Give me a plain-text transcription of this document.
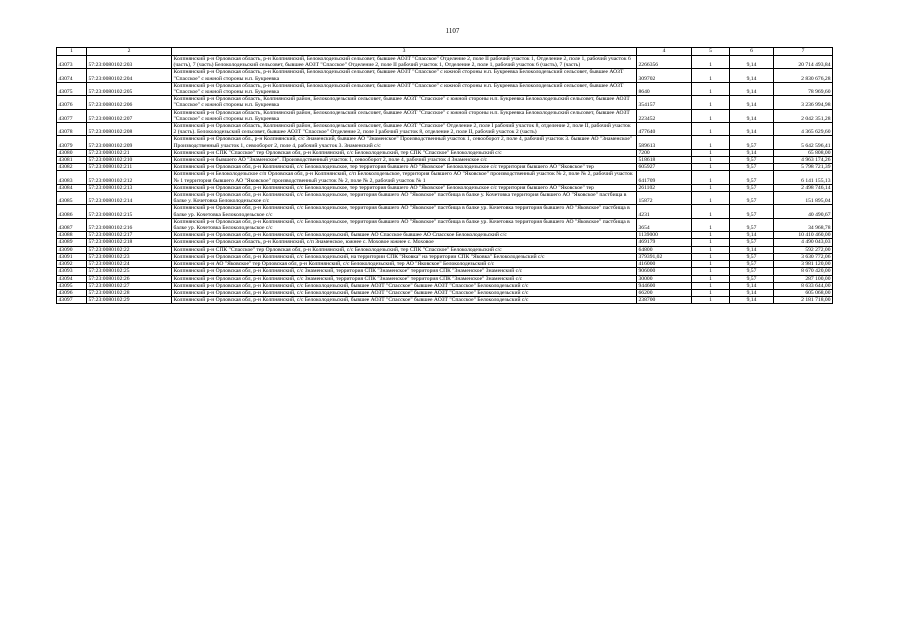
1107
1	2	3	4	5	6	7
43073	57:23:0080102:203	Колпнянский р-н Орловская область, р-н Колпнянский, Белоколодезьский сельсовет, бывшее АОЗТ "Спасское" Отделение 2, поле II рабочий участок 1, Отделение 2, поле 1, рабочий участок 6 (часть), 7 (часть) Белоколодезьский сельсовет, бывшее АОЗТ "Спасское" Отделение 2, поле II рабочий участок 1, Отделение 2, поле 1, рабочий участок 6 (часть), 7 (часть)	2266356	1	9,14	20 714 493,84
43074	57:23:0080102:204	Колпнянский р-н Орловская область, р-н Колпнянский, Белоколодезьский сельсовет, бывшее АОЗТ "Спасское" с южной стороны н.п. Букреевка Белоколодезьский сельсовет, бывшее АОЗТ "Спасское" с южной стороны н.п. Букреевка	309702	1	9,14	2 830 676,28
43075	57:23:0080102:205	Колпнянский р-н Орловская область, р-н Колпнянский, Белоколодезьский сельсовет, бывшее АОЗТ "Спасское" с южной стороны н.п. Букреевка Белоколодезьский сельсовет, бывшее АОЗТ "Спасское" с южной стороны н.п. Букреевка	8640	1	9,14	78 969,60
43076	57:23:0080102:206	Колпнянский р-н Орловская область, Колпнянский район, Белоколодезьский сельсовет, бывшее АОЗТ "Спасское" с южной стороны н.п. Букреевка Белоколодезьский сельсовет, бывшее АОЗТ "Спасское" с южной стороны н.п. Букреевка	354157	1	9,14	3 236 994,98
43077	57:23:0080102:207	Колпнянский р-н Орловская область, Колпнянский район, Белоколодезьский сельсовет, бывшее АОЗТ "Спасское" с южной стороны н.п. Букреевка Белоколодезьский сельсовет, бывшее АОЗТ "Спасское" с южной стороны н.п. Букреевка	223452	1	9,14	2 042 351,28
43078	57:23:0080102:208	Колпнянский р-н Орловская область, Колпнянский район, Белоколодезьский сельсовет, бывшее АОЗТ "Спасское" Отделение 2, поле I рабочий участок 8, отделение 2, поле II, рабочий участок 2 (часть). Белоколодезьский сельсовет, бывшее АОЗТ "Спасское" Отделение 2, поле I рабочий участок 8, отделение 2, поле II, рабочий участок 2 (часть)	477640	1	9,14	4 365 629,60
43079	57:23:0080102:209	Колпнянский р-н Орловская обл., р-н Колпнянский, с/с Знаменский, бывшее АО "Знаменское" Производственный участок 1, севооборот 2, поле 4, рабочий участок 3. бывшее АО "Знаменское" Производственный участок 1, севооборот 2, поле 4, рабочий участок 3. Знаменский с/с	589613	1	9,57	5 642 596,41
43080	57:23:0080102:21	Колпнянский р-н СПК "Спасское" тер Орловская обл, р-н Колпнянский, с/с Белоколодезьский, тер СПК "Спасское" Белоколодезьский с/с	7200	1	9,14	65 808,00
43081	57:23:0080102:210	Колпнянский р-н бывшего АО "Знаменское". Производственный участок 1, севооборот 2, поле 4, рабочий участок 4 Знаменское с/с	518618	1	9,57	4 963 174,26
43082	57:23:0080102:211	Колпнянский р-н Орловская обл, р-н Колпнянский, с/с Белоколодезьское, тер территория бывшего АО "Яковское" Белоколодезьское с/с территория бывшего АО "Яковское" тер	605927	1	9,57	5 798 721,39
43083	57:23:0080102:212	Колпнянский р-н Белоколодезьское с/п Орловская обл, р-н Колпнянский, с/п Белоколодезьское, территория бывшего АО "Яковское" производственный участок № 2, поле № 2, рабочий участок № 1 территория бывшего АО "Яковское" производственный участок № 2, поле № 2, рабочий участок № 1	641709	1	9,57	6 141 155,13
43084	57:23:0080102:213	Колпнянский р-н Орловская обл, р-н Колпнянский, с/с Белоколодезьское, тер территория бывшего АО "Яковское" Белоколодезьское с/с территория бывшего АО "Яковское" тер	261102	1	9,57	2 498 746,14
43085	57:23:0080102:214	Колпнянский р-н Орловская обл, р-н Колпнянский, с/с Белоколодезьское, территория бывшего АО "Яковское" пастбища в балке у. Кочетовка территория бывшего АО "Яковское" пастбища в балке у. Кочетовка Белоколодезьское с/с	15872	1	9,57	151 895,04
43086	57:23:0080102:215	Колпнянский р-н Орловская обл, р-н Колпнянский, с/с Белоколодезьское, территория бывшего АО "Яковское" пастбища в балке ур. Кочетовка территория бывшего АО "Яковское" пастбища в балке ур. Кочетовка Белоколодезьское с/с	4231	1	9,57	40 490,67
43087	57:23:0080102:216	Колпнянский р-н Орловская обл, р-н Колпнянский, с/с Белоколодезьское, территория бывшего АО "Яковское" пастбища в балке ур. Кочетовка территория бывшего АО "Яковское" пастбища в балке ур. Кочетовка Белоколодезьское с/с	3654	1	9,57	34 968,78
43088	57:23:0080102:217	Колпнянский р-н Орловская обл, р-н Колпнянский, с/с Белоколодезьский, бывшее АО Спасское бывшее АО Спасское Белоколодезьский с/с	1139000	1	9,14	10 410 460,00
43089	57:23:0080102:218	Колпнянский р-н Орловская область, р-н Колпнянский, с/п Знаменское, южнее с. Моховое южнее с. Моховое	469179	1	9,57	4 490 043,03
43090	57:23:0080102:22	Колпнянский р-н СПК "Спасское" тер Орловская обл, р-н Колпнянский, с/с Белоколодезьский, тер СПК "Спасское" Белоколодезьский с/с	64800	1	9,14	592 272,00
43091	57:23:0080102:23	Колпнянский р-н Орловская обл, р-н Колпнянский, с/с Белоколодезьский, на территории СПК "Яковка" на территории СПК "Яковка" Белоколодезьский с/с	379391,02	1	9,57	3 630 772,06
43092	57:23:0080102:24	Колпнянский р-н АО "Яковское" тер Орловская обл, р-н Колпнянский, с/с Белоколодезьский, тер АО "Яковское" Белоколодезьский с/с	416000	1	9,57	3 981 120,00
43093	57:23:0080102:25	Колпнянский р-н Орловская обл, р-н Колпнянский, с/с Знаменский, территория СПК "Знаменское" территория СПК "Знаменское" Знаменский с/с	906000	1	9,57	8 670 420,00
43094	57:23:0080102:26	Колпнянский р-н Орловская обл, р-н Колпнянский, с/с Знаменский, территория СПК "Знаменское" территория СПК "Знаменское" Знаменский с/с	30000	1	9,57	287 100,00
43095	57:23:0080102:27	Колпнянский р-н Орловская обл, р-н Колпнянский, с/с Белоколодезьский, бывшее АОЗТ "Спасское" бывшее АОЗТ "Спасское" Белоколодезьский с/с	944600	1	9,14	8 633 644,00
43096	57:23:0080102:28	Колпнянский р-н Орловская обл, р-н Колпнянский, с/с Белоколодезьский, бывшее АОЗТ "Спасское" бывшее АОЗТ "Спасское" Белоколодезьский с/с	66200	1	9,14	605 068,00
43097	57:23:0080102:29	Колпнянский р-н Орловская обл, р-н Колпнянский, с/с Белоколодезьский, бывшее АОЗТ "Спасское" бывшее АОЗТ "Спасское" Белоколодезьский с/с	238700	1	9,14	2 181 718,00
